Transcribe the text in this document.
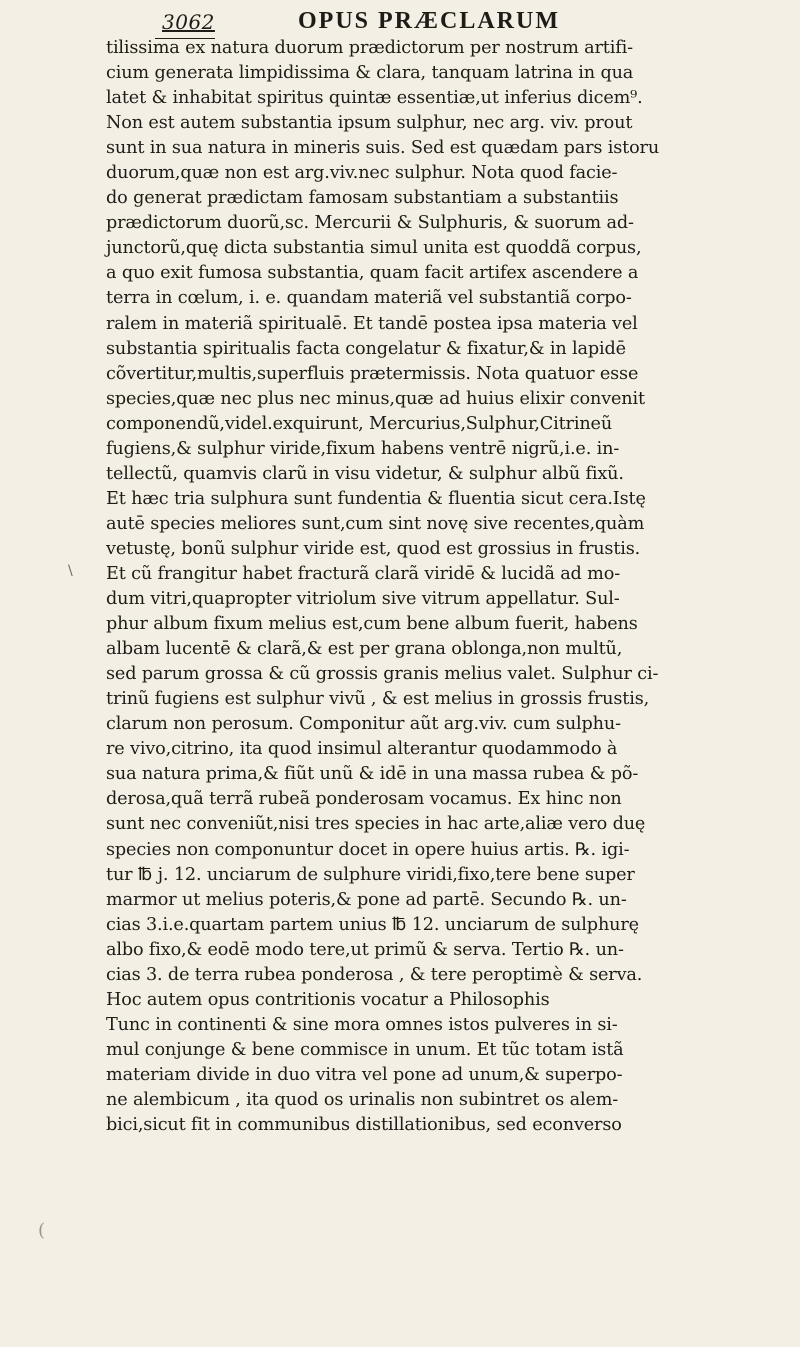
3062	OPUS PRÆCLARUM
tilissima ex natura duorum prædictorum per nostrum artifi-
cium generata limpidissima & clara, tanquam latrina in qua
latet & inhabitat spiritus quintæ essentiæ,ut inferius dicem⁹.
Non est autem substantia ipsum sulphur, nec arg. viv. prout
sunt in sua natura in mineris suis. Sed est quædam pars istoru
duorum,quæ non est arg.viv.nec sulphur. Nota quod facie-
do generat prædictam famosam substantiam a substantiis
prædictorum duorũ,sc. Mercurii & Sulphuris, & suorum ad-
junctorũ,quę dicta substantia simul unita est quoddã corpus,
a quo exit fumosa substantia, quam facit artifex ascendere a
terra in cœlum, i. e. quandam materiã vel substantiã corpo-
ralem in materiã spiritualē. Et tandē postea ipsa materia vel
substantia spiritualis facta congelatur & fixatur,& in lapidē
cõvertitur,multis,superfluis prætermissis. Nota quatuor esse
species,quæ nec plus nec minus,quæ ad huius elixir convenit
componendũ,videl.exquirunt, Mercurius,Sulphur,Citrineũ
fugiens,& sulphur viride,fixum habens ventrē nigrũ,i.e. in-
tellectũ, quamvis clarũ in visu videtur, & sulphur albũ fixũ.
Et hæc tria sulphura sunt fundentia & fluentia sicut cera.Istę
autē species meliores sunt,cum sint novę sive recentes,quàm
vetustę, bonũ sulphur viride est, quod est grossius in frustis.
Et cũ frangitur habet fracturã clarã viridē & lucidã ad mo-
dum vitri,quapropter vitriolum sive vitrum appellatur. Sul-
phur album fixum melius est,cum bene album fuerit, habens
albam lucentē & clarã,& est per grana oblonga,non multũ,
sed parum grossa & cũ grossis granis melius valet. Sulphur ci-
trinũ fugiens est sulphur vivũ , & est melius in grossis frustis,
clarum non perosum. Componitur aũt arg.viv. cum sulphu-
re vivo,citrino, ita quod insimul alterantur quodammodo à
sua natura prima,& fiũt unũ & idē in una massa rubea & põ-
derosa,quã terrã rubeã ponderosam vocamus. Ex hinc non
sunt nec conveniũt,nisi tres species in hac arte,aliæ vero duę
species non componuntur docet in opere huius artis. ℞. igi-
tur ℔ j. 12. unciarum de sulphure viridi,fixo,tere bene super
marmor ut melius poteris,& pone ad partē. Secundo ℞. un-
cias 3.i.e.quartam partem unius ℔ 12. unciarum de sulphurę
albo fixo,& eodē modo tere,ut primũ & serva. Tertio ℞. un-
cias 3. de terra rubea ponderosa , & tere peroptimè & serva.
Hoc autem opus contritionis vocatur a Philosophis
Tunc in continenti & sine mora omnes istos pulveres in si-
mul conjunge & bene commisce in unum. Et tũc totam istã
materiam divide in duo vitra vel pone ad unum,& superpo-
ne alembicum , ita quod os urinalis non subintret os alem-
bici,sicut fit in communibus distillationibus, sed econverso
\
(
